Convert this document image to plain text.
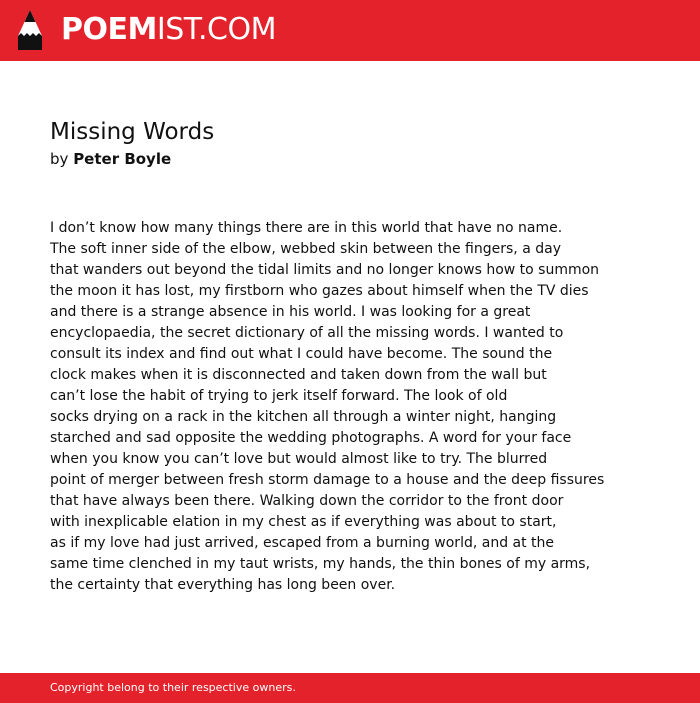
POEMIST.COM
Missing Words
by Peter Boyle
I don’t know how many things there are in this world that have no name.
The soft inner side of the elbow, webbed skin between the fingers, a day
that wanders out beyond the tidal limits and no longer knows how to summon
the moon it has lost, my firstborn who gazes about himself when the TV dies
and there is a strange absence in his world. I was looking for a great
encyclopaedia, the secret dictionary of all the missing words. I wanted to
consult its index and find out what I could have become. The sound the
clock makes when it is disconnected and taken down from the wall but
can’t lose the habit of trying to jerk itself forward. The look of old
socks drying on a rack in the kitchen all through a winter night, hanging
starched and sad opposite the wedding photographs. A word for your face
when you know you can’t love but would almost like to try. The blurred
point of merger between fresh storm damage to a house and the deep fissures
that have always been there. Walking down the corridor to the front door
with inexplicable elation in my chest as if everything was about to start,
as if my love had just arrived, escaped from a burning world, and at the
same time clenched in my taut wrists, my hands, the thin bones of my arms,
the certainty that everything has long been over.
Copyright belong to their respective owners.
